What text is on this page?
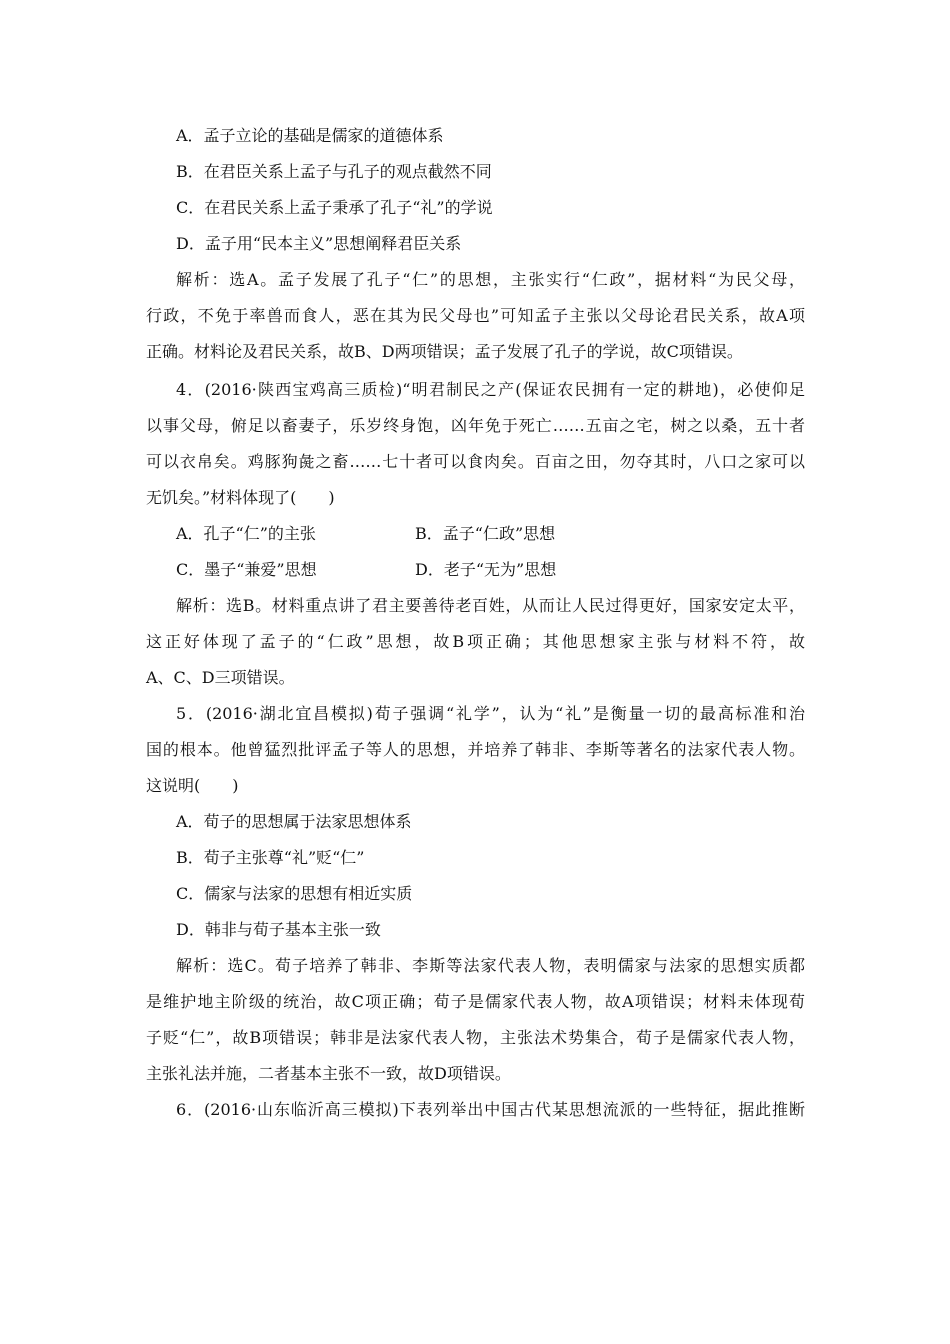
A．孟子立论的基础是儒家的道德体系
B．在君臣关系上孟子与孔子的观点截然不同
C．在君民关系上孟子秉承了孔子“礼”的学说
D．孟子用“民本主义”思想阐释君臣关系
解析：选A。孟子发展了孔子“仁”的思想，主张实行“仁政”，据材料“为民父母，
行政，不免于率兽而食人，恶在其为民父母也”可知孟子主张以父母论君民关系，故A项
正确。材料论及君民关系，故B、D两项错误；孟子发展了孔子的学说，故C项错误。
4．(2016·陕西宝鸡高三质检)“明君制民之产(保证农民拥有一定的耕地)，必使仰足
以事父母，俯足以畜妻子，乐岁终身饱，凶年免于死亡……五亩之宅，树之以桑，五十者
可以衣帛矣。鸡豚狗彘之畜……七十者可以食肉矣。百亩之田，勿夺其时，八口之家可以
无饥矣。”材料体现了(　　)
A．孔子“仁”的主张	B．孟子“仁政”思想
C．墨子“兼爱”思想	D．老子“无为”思想
解析：选B。材料重点讲了君主要善待老百姓，从而让人民过得更好，国家安定太平，
这正好体现了孟子的“仁政”思想，故B项正确；其他思想家主张与材料不符，故
A、C、D三项错误。
5．(2016·湖北宜昌模拟)荀子强调“礼学”，认为“礼”是衡量一切的最高标准和治
国的根本。他曾猛烈批评孟子等人的思想，并培养了韩非、李斯等著名的法家代表人物。
这说明(　　)
A．荀子的思想属于法家思想体系
B．荀子主张尊“礼”贬“仁”
C．儒家与法家的思想有相近实质
D．韩非与荀子基本主张一致
解析：选C。荀子培养了韩非、李斯等法家代表人物，表明儒家与法家的思想实质都
是维护地主阶级的统治，故C项正确；荀子是儒家代表人物，故A项错误；材料未体现荀
子贬“仁”，故B项错误；韩非是法家代表人物，主张法术势集合，荀子是儒家代表人物，
主张礼法并施，二者基本主张不一致，故D项错误。
6．(2016·山东临沂高三模拟)下表列举出中国古代某思想流派的一些特征，据此推断
